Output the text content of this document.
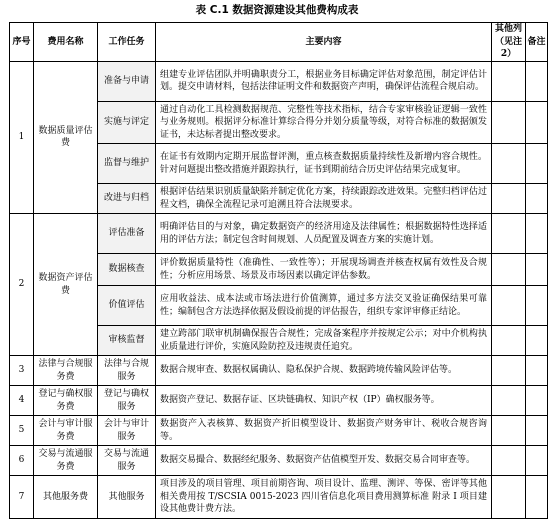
表 C.1 数据资源建设其他费构成表
序号	费用名称	工作任务	主要内容	其他列（见注2）	备注
1	数据质量评估费	准备与申请	组建专业评估团队并明确职责分工，根据业务目标确定评估对象范围，制定评估计划。提交申请材料，包括法律证明文件和数据资产声明，确保评估流程合规启动。		
		实施与评定	通过自动化工具检测数据规范、完整性等技术指标，结合专家审核验证逻辑一致性与业务规则。根据评分标准计算综合得分并划分质量等级，对符合标准的数据颁发证书，未达标者提出整改要求。		
		监督与维护	在证书有效期内定期开展监督评测，重点核查数据质量持续性及新增内容合规性。针对问题提出整改措施并跟踪执行，证书到期前结合历史评估结果完成复审。		
		改进与归档	根据评估结果识别质量缺陷并制定优化方案，持续跟踪改进效果。完整归档评估过程文档，确保全流程记录可追溯且符合法规要求。		
2	数据资产评估费	评估准备	明确评估目的与对象，确定数据资产的经济用途及法律属性；根据数据特性选择适用的评估方法；制定包含时间规划、人员配置及调查方案的实施计划。		
		数据核查	评价数据质量特性（准确性、一致性等）；开展现场调查并核查权属有效性及合规性；分析应用场景、场景及市场因素以确定评估参数。		
		价值评估	应用收益法、成本法或市场法进行价值测算，通过多方法交叉验证确保结果可靠性；编制包含方法选择依据及假设前提的评估报告，组织专家评审修正结论。		
		审核监督	建立跨部门联审机制确保报告合规性；完成备案程序并按规定公示；对中介机构执业质量进行评价，实施风险防控及违规责任追究。		
3	法律与合规服务费	法律与合规服务	数据合规审查、数据权属确认、隐私保护合规、数据跨境传输风险评估等。		
4	登记与确权服务费	登记与确权服务	数据资产登记、数据存证、区块链确权、知识产权（IP）确权服务等。		
5	会计与审计服务费	会计与审计服务	数据资产入表核算、数据资产折旧模型设计、数据资产财务审计、税收合规咨询等。		
6	交易与流通服务费	交易与流通服务	数据交易撮合、数据经纪服务、数据资产估值模型开发、数据交易合同审查等。		
7	其他服务费	其他服务	项目涉及的项目管理、项目前期咨询、项目设计、监理、测评、等保、密评等其他相关费用按 T/SCSIA 0015-2023 四川省信息化项目费用测算标准 附录 I 项目建设其他费计费方法。		
